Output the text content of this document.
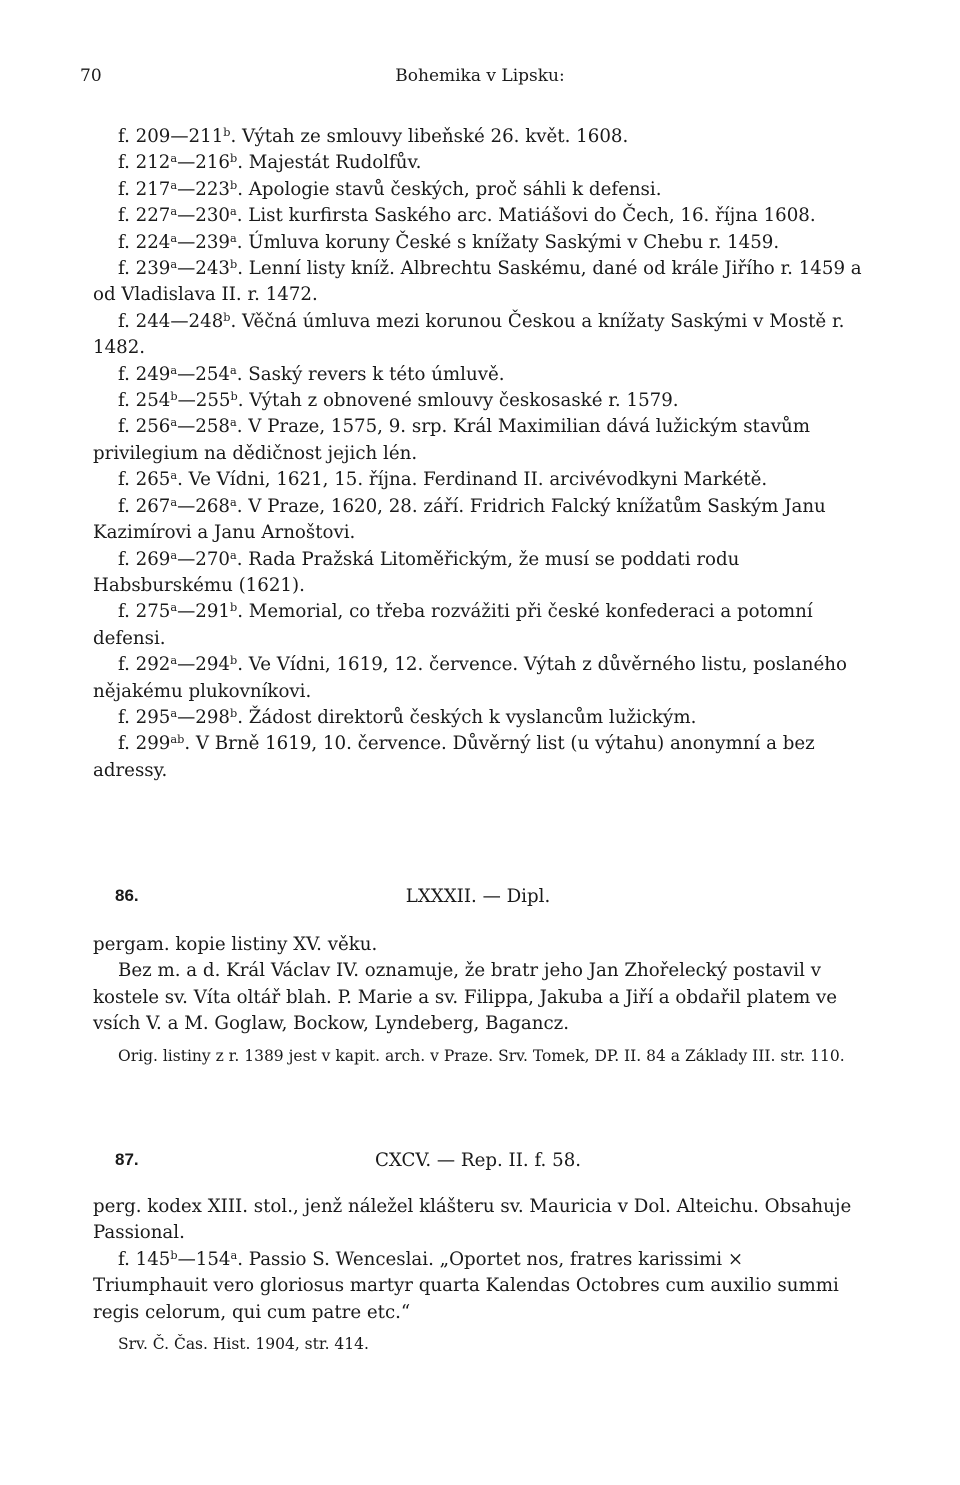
70	Bohemika v Lipsku:

f. 209—211$^b$. Výtah ze smlouvy libeňské 26. květ. 1608.

f. 212$^a$—216$^b$. Majestát Rudolfův.

f. 217$^a$—223$^b$. Apologie stavů českých, proč sáhli k defensi.

f. 227$^a$—230$^a$. List kurfirsta Saského arc. Matiášovi do Čech, 16. října 1608.

f. 224$^a$—239$^a$. Úmluva koruny České s knížaty Saskými v Chebu r. 1459.

f. 239$^a$—243$^b$. Lenní listy kníž. Albrechtu Saskému, dané od krále Jiřího r. 1459 a od Vladislava II. r. 1472.

f. 244—248$^b$. Věčná úmluva mezi korunou Českou a knížaty Saskými v Mostě r. 1482.

f. 249$^a$—254$^a$. Saský revers k této úmluvě.

f. 254$^b$—255$^b$. Výtah z obnovené smlouvy českosaské r. 1579.

f. 256$^a$—258$^a$. V Praze, 1575, 9. srp. Král Maximilian dává lužickým stavům privilegium na dědičnost jejich lén.

f. 265$^a$. Ve Vídni, 1621, 15. října. Ferdinand II. arcivévodkyni Markétě.

f. 267$^a$—268$^a$. V Praze, 1620, 28. září. Fridrich Falcký knížatům Saským Janu Kazimírovi a Janu Arnoštovi.

f. 269$^a$—270$^a$. Rada Pražská Litoměřickým, že musí se poddati rodu Habsburskému (1621).

f. 275$^a$—291$^b$. Memorial, co třeba rozvážiti při české konfederaci a potomní defensi.

f. 292$^a$—294$^b$. Ve Vídni, 1619, 12. července. Výtah z důvěrného listu, poslaného nějakému plukovníkovi.

f. 295$^a$—298$^b$. Žádost direktorů českých k vyslancům lužickým.

f. $299^{ab}$. V Brně 1619, 10. července. Důvěrný list (u výtahu) anonymní a bez adressy.

86.	LXXXII. — Dipl.

pergam. kopie listiny XV. věku.

Bez m. a d. Král Václav IV. oznamuje, že bratr jeho Jan Zhořelecký postavil v kostele sv. Víta oltář blah. P. Marie a sv. Filippa, Jakuba a Jiří a obdařil platem ve vsích V. a M. Goglaw, Bockow, Lyndeberg, Bagancz.

Orig. listiny z r. 1389 jest v kapit. arch. v Praze. Srv. Tomek, DP. II. 84 a Základy III. str. 110.

87.	CXCV. — Rep. II. f. 58.

perg. kodex XIII. stol., jenž náležel klášteru sv. Mauricia v Dol. Alteichu. Obsahuje Passional.

f. 145$^b$—154$^a$. Passio S. Wenceslai. „Oportet nos, fratres karissimi × Triumphauit vero gloriosus martyr quarta Kalendas Octobres cum auxilio summi regis celorum, qui cum patre etc.“

Srv. Č. Čas. Hist. 1904, str. 414.
